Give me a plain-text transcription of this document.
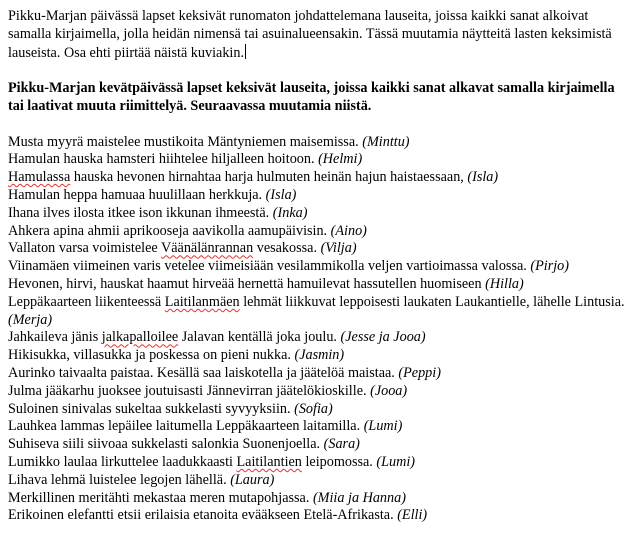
Pikku-Marjan päivässä lapset keksivät runomaton johdattelemana lauseita, joissa kaikki sanat alkoivat samalla kirjaimella, jolla heidän nimensä tai asuinalueensakin. Tässä muutamia näytteitä lasten keksimistä lauseista. Osa ehti piirtää näistä kuviakin.

Pikku-Marjan kevätpäivässä lapset keksivät lauseita, joissa kaikki sanat alkavat samalla kirjaimella tai laativat muuta riimittelyä. Seuraavassa muutamia niistä.

Musta myyrä maistelee mustikoita Mäntyniemen maisemissa. (Minttu)

Hamulan hauska hamsteri hiihtelee hiljalleen hoitoon. (Helmi)

Hamulassa hauska hevonen hirnahtaa harja hulmuten heinän hajun haistaessaan, (Isla)

Hamulan heppa hamuaa huulillaan herkkuja. (Isla)

Ihana ilves ilosta itkee ison ikkunan ihmeestä. (Inka)

Ahkera apina ahmii aprikooseja aavikolla aamupäivisin. (Aino)

Vallaton varsa voimistelee Väänälänrannan vesakossa. (Vilja)

Viinamäen viimeinen varis vetelee viimeisiään vesilammikolla veljen vartioimassa valossa. (Pirjo)

Hevonen, hirvi, hauskat haamut hirveää hernettä hamuilevat hassutellen huomiseen (Hilla)

Leppäkaarteen liikenteessä Laitilanmäen lehmät liikkuvat leppoisesti laukaten Laukantielle, lähelle Lintusia. (Merja)

Jahkaileva jänis jalkapalloilee Jalavan kentällä joka joulu. (Jesse ja Jooa)

Hikisukka, villasukka ja poskessa on pieni nukka. (Jasmin)

Aurinko taivaalta paistaa. Kesällä saa laiskotella ja jäätelöä maistaa. (Peppi)

Julma jääkarhu juoksee joutuisasti Jännevirran jäätelökioskille. (Jooa)

Suloinen sinivalas sukeltaa sukkelasti syvyyksiin. (Sofia)

Lauhkea lammas lepäilee laitumella Leppäkaarteen laitamilla. (Lumi)

Suhiseva siili siivoaa sukkelasti salonkia Suonenjoella. (Sara)

Lumikko laulaa lirkuttelee laadukkaasti Laitilantien leipomossa. (Lumi)

Lihava lehmä luistelee legojen lähellä. (Laura)

Merkillinen meritähti mekastaa meren mutapohjassa. (Miia ja Hanna)

Erikoinen elefantti etsii erilaisia etanoita evääkseen Etelä-Afrikasta. (Elli)
